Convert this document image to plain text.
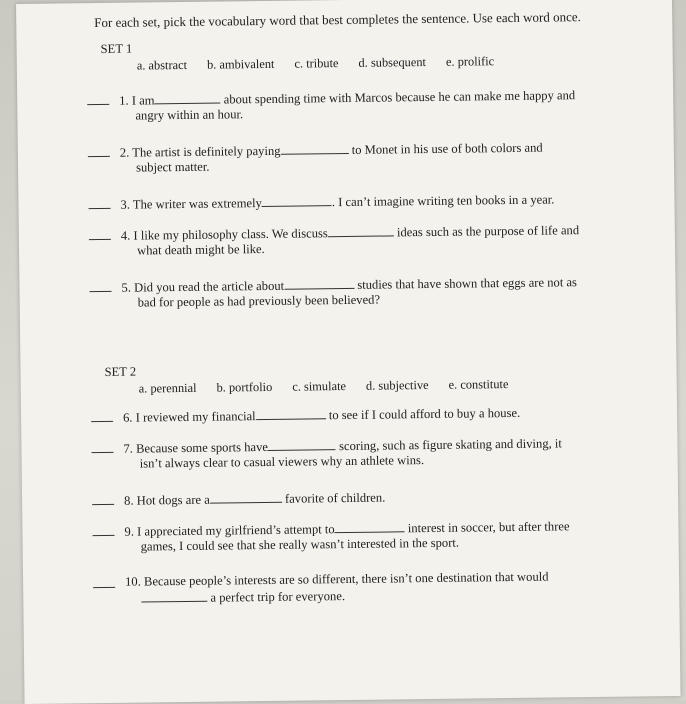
For each set, pick the vocabulary word that best completes the sentence. Use each word once.

SET 1
a. abstract b. ambivalent c. tribute d. subsequent e. prolific
1. I am	about spending time with Marcos because he can make me happy and
angry within an hour.
2. The artist is definitely paying	to Monet in his use of both colors and
subject matter.
3. The writer was extremely	. I can’t imagine writing ten books in a year.
4. I like my philosophy class. We discuss	ideas such as the purpose of life and
what death might be like.
5. Did you read the article about	studies that have shown that eggs are not as
bad for people as had previously been believed?
SET 2
a. perennial b. portfolio c. simulate d. subjective e. constitute
6. I reviewed my financial	to see if I could afford to buy a house.
7. Because some sports have	scoring, such as figure skating and diving, it
isn’t always clear to casual viewers why an athlete wins.
8. Hot dogs are a	favorite of children.
9. I appreciated my girlfriend’s attempt to	interest in soccer, but after three
games, I could see that she really wasn’t interested in the sport.
10. Because people’s interests are so different, there isn’t one destination that would
a perfect trip for everyone.
